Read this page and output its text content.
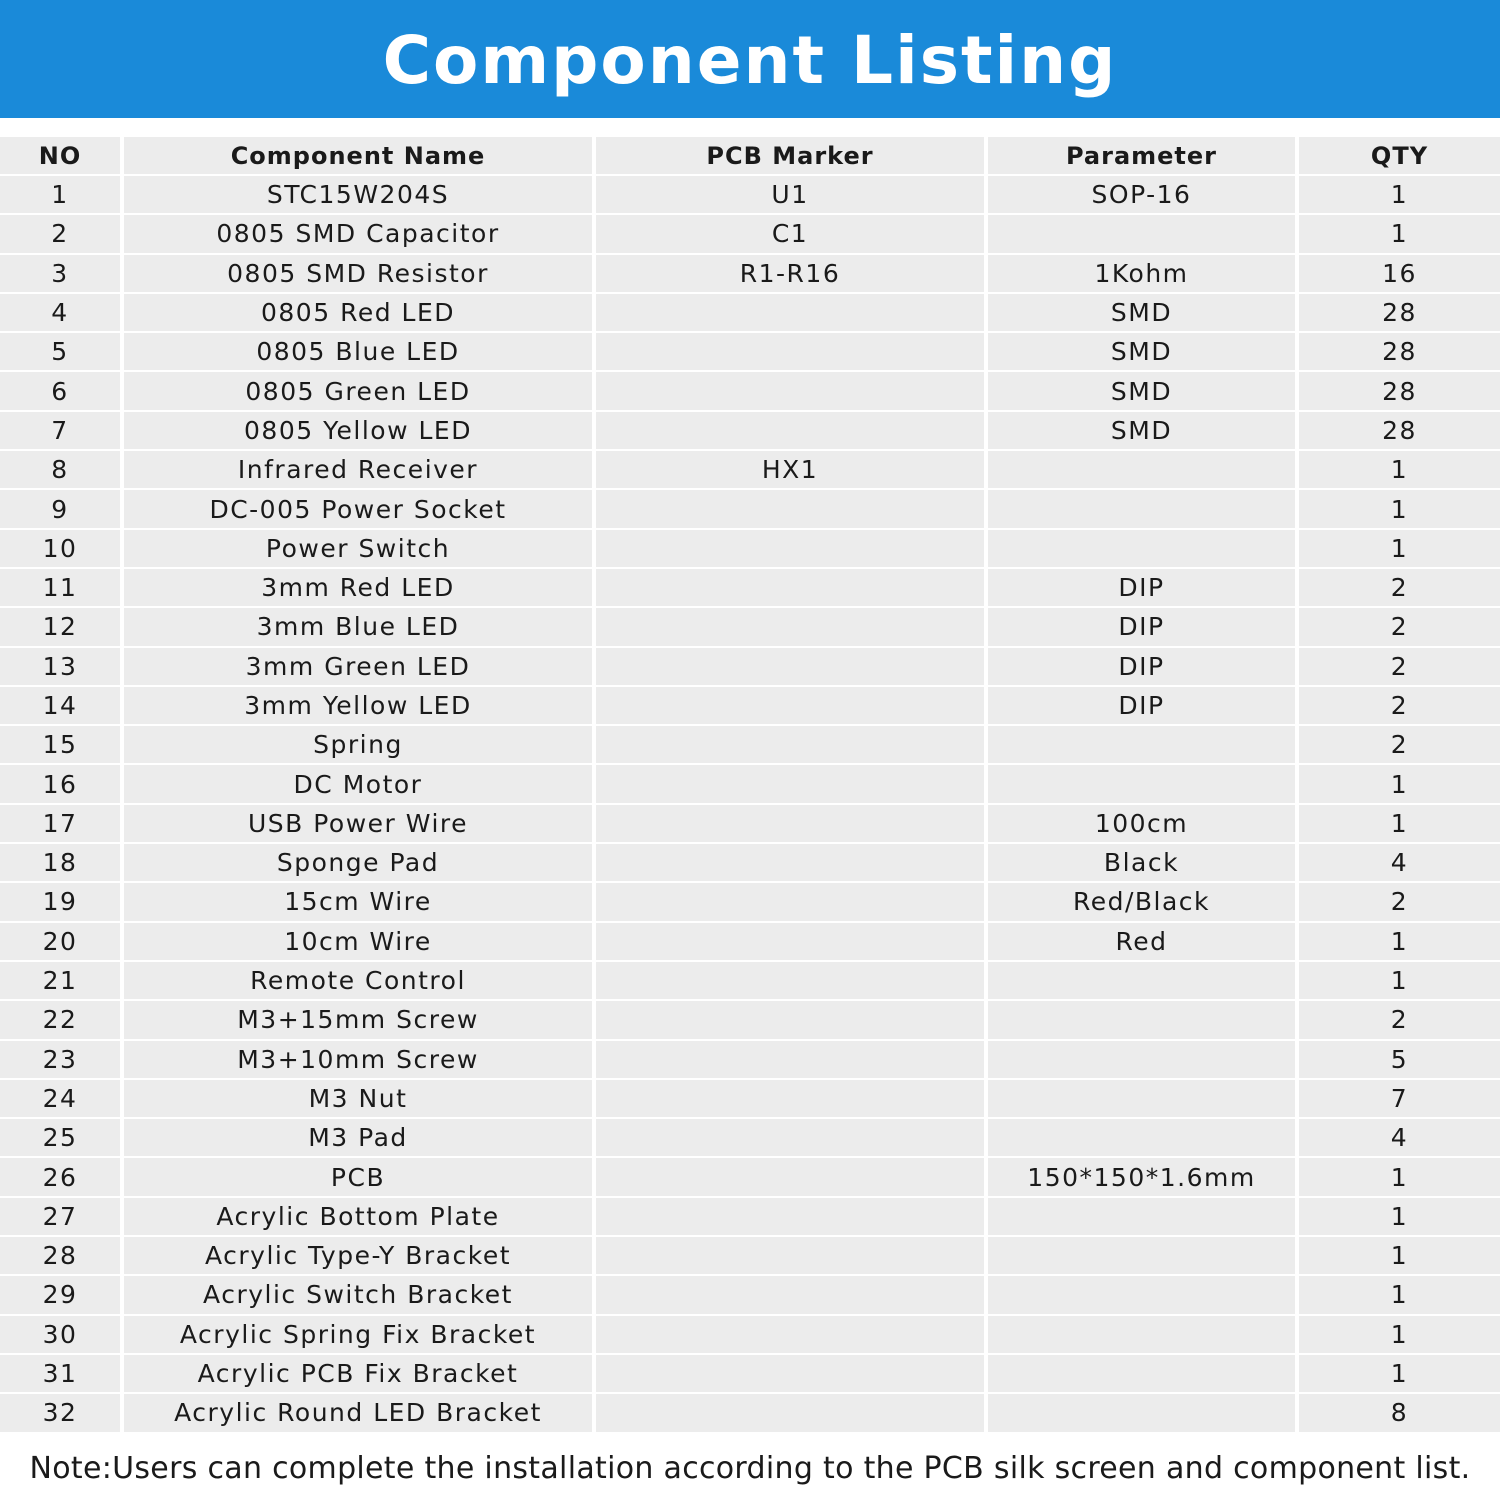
Component Listing
NO	Component Name	PCB Marker	Parameter	QTY
1	STC15W204S	U1	SOP-16	1
2	0805 SMD Capacitor	C1		1
3	0805 SMD Resistor	R1-R16	1Kohm	16
4	0805 Red LED		SMD	28
5	0805 Blue LED		SMD	28
6	0805 Green LED		SMD	28
7	0805 Yellow LED		SMD	28
8	Infrared Receiver	HX1		1
9	DC-005 Power Socket			1
10	Power Switch			1
11	3mm Red LED		DIP	2
12	3mm Blue LED		DIP	2
13	3mm Green LED		DIP	2
14	3mm Yellow LED		DIP	2
15	Spring			2
16	DC Motor			1
17	USB Power Wire		100cm	1
18	Sponge Pad		Black	4
19	15cm Wire		Red/Black	2
20	10cm Wire		Red	1
21	Remote Control			1
22	M3+15mm Screw			2
23	M3+10mm Screw			5
24	M3 Nut			7
25	M3 Pad			4
26	PCB		150*150*1.6mm	1
27	Acrylic Bottom Plate			1
28	Acrylic Type-Y Bracket			1
29	Acrylic Switch Bracket			1
30	Acrylic Spring Fix Bracket			1
31	Acrylic PCB Fix Bracket			1
32	Acrylic Round LED Bracket			8
Note:Users can complete the installation according to the PCB silk screen and component list.
